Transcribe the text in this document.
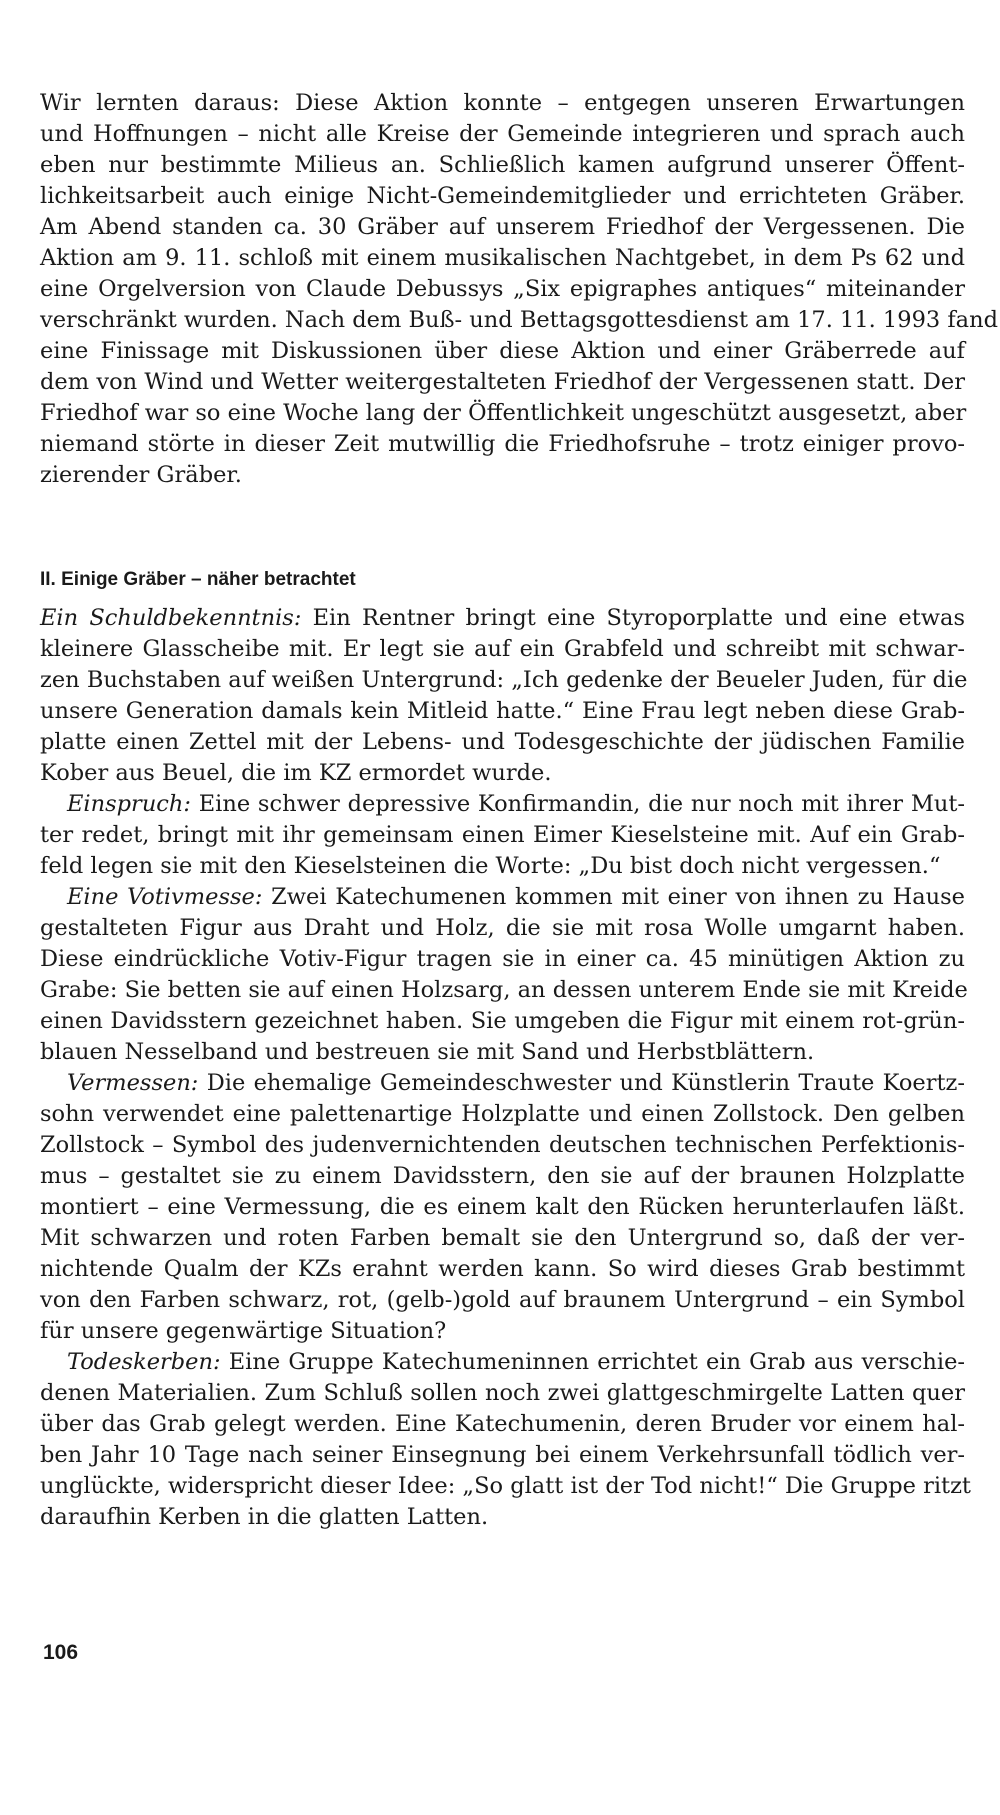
Wir lernten daraus: Diese Aktion konnte – entgegen unseren Erwartungen
und Hoffnungen – nicht alle Kreise der Gemeinde integrieren und sprach auch
eben nur bestimmte Milieus an. Schließlich kamen aufgrund unserer Öffent-
lichkeitsarbeit auch einige Nicht-Gemeindemitglieder und errichteten Gräber.
Am Abend standen ca. 30 Gräber auf unserem Friedhof der Vergessenen. Die
Aktion am 9. 11. schloß mit einem musikalischen Nachtgebet, in dem Ps 62 und
eine Orgelversion von Claude Debussys „Six epigraphes antiques“ miteinander
verschränkt wurden. Nach dem Buß- und Bettagsgottesdienst am 17. 11. 1993 fand
eine Finissage mit Diskussionen über diese Aktion und einer Gräberrede auf
dem von Wind und Wetter weitergestalteten Friedhof der Vergessenen statt. Der
Friedhof war so eine Woche lang der Öffentlichkeit ungeschützt ausgesetzt, aber
niemand störte in dieser Zeit mutwillig die Friedhofsruhe – trotz einiger provo-
zierender Gräber.
II. Einige Gräber – näher betrachtet
Ein Schuldbekenntnis: Ein Rentner bringt eine Styroporplatte und eine etwas
kleinere Glasscheibe mit. Er legt sie auf ein Grabfeld und schreibt mit schwar-
zen Buchstaben auf weißen Untergrund: „Ich gedenke der Beueler Juden, für die
unsere Generation damals kein Mitleid hatte.“ Eine Frau legt neben diese Grab-
platte einen Zettel mit der Lebens- und Todesgeschichte der jüdischen Familie
Kober aus Beuel, die im KZ ermordet wurde.
Einspruch: Eine schwer depressive Konfirmandin, die nur noch mit ihrer Mut-
ter redet, bringt mit ihr gemeinsam einen Eimer Kieselsteine mit. Auf ein Grab-
feld legen sie mit den Kieselsteinen die Worte: „Du bist doch nicht vergessen.“
Eine Votivmesse: Zwei Katechumenen kommen mit einer von ihnen zu Hause
gestalteten Figur aus Draht und Holz, die sie mit rosa Wolle umgarnt haben.
Diese eindrückliche Votiv-Figur tragen sie in einer ca. 45 minütigen Aktion zu
Grabe: Sie betten sie auf einen Holzsarg, an dessen unterem Ende sie mit Kreide
einen Davidsstern gezeichnet haben. Sie umgeben die Figur mit einem rot-grün-
blauen Nesselband und bestreuen sie mit Sand und Herbstblättern.
Vermessen: Die ehemalige Gemeindeschwester und Künstlerin Traute Koertz-
sohn verwendet eine palettenartige Holzplatte und einen Zollstock. Den gelben
Zollstock – Symbol des judenvernichtenden deutschen technischen Perfektionis-
mus – gestaltet sie zu einem Davidsstern, den sie auf der braunen Holzplatte
montiert – eine Vermessung, die es einem kalt den Rücken herunterlaufen läßt.
Mit schwarzen und roten Farben bemalt sie den Untergrund so, daß der ver-
nichtende Qualm der KZs erahnt werden kann. So wird dieses Grab bestimmt
von den Farben schwarz, rot, (gelb-)gold auf braunem Untergrund – ein Symbol
für unsere gegenwärtige Situation?
Todeskerben: Eine Gruppe Katechumeninnen errichtet ein Grab aus verschie-
denen Materialien. Zum Schluß sollen noch zwei glattgeschmirgelte Latten quer
über das Grab gelegt werden. Eine Katechumenin, deren Bruder vor einem hal-
ben Jahr 10 Tage nach seiner Einsegnung bei einem Verkehrsunfall tödlich ver-
unglückte, widerspricht dieser Idee: „So glatt ist der Tod nicht!“ Die Gruppe ritzt
daraufhin Kerben in die glatten Latten.
106
